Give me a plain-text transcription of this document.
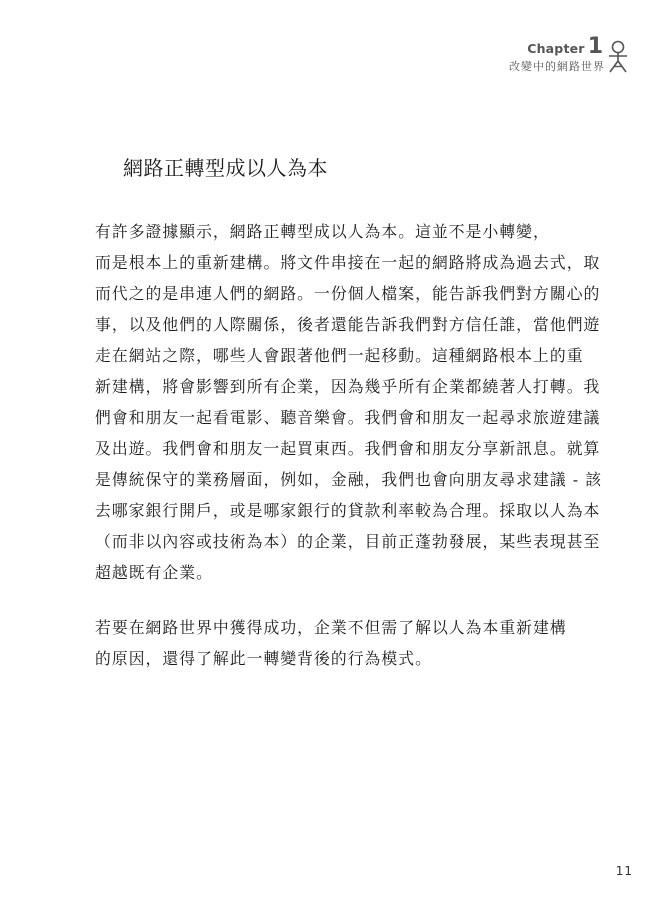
Chapter 1
改變中的網路世界
網路正轉型成以人為本

有許多證據顯示，網路正轉型成以人為本。這並不是小轉變，
而是根本上的重新建構。將文件串接在一起的網路將成為過去式，取
而代之的是串連人們的網路。一份個人檔案，能告訴我們對方關心的
事，以及他們的人際關係，後者還能告訴我們對方信任誰，當他們遊
走在網站之際，哪些人會跟著他們一起移動。這種網路根本上的重
新建構，將會影響到所有企業，因為幾乎所有企業都繞著人打轉。我
們會和朋友一起看電影、聽音樂會。我們會和朋友一起尋求旅遊建議
及出遊。我們會和朋友一起買東西。我們會和朋友分享新訊息。就算
是傳統保守的業務層面，例如，金融，我們也會向朋友尋求建議 - 該
去哪家銀行開戶，或是哪家銀行的貸款利率較為合理。採取以人為本
（而非以內容或技術為本）的企業，目前正蓬勃發展，某些表現甚至
超越既有企業。

若要在網路世界中獲得成功，企業不但需了解以人為本重新建構
的原因，還得了解此一轉變背後的行為模式。

11
